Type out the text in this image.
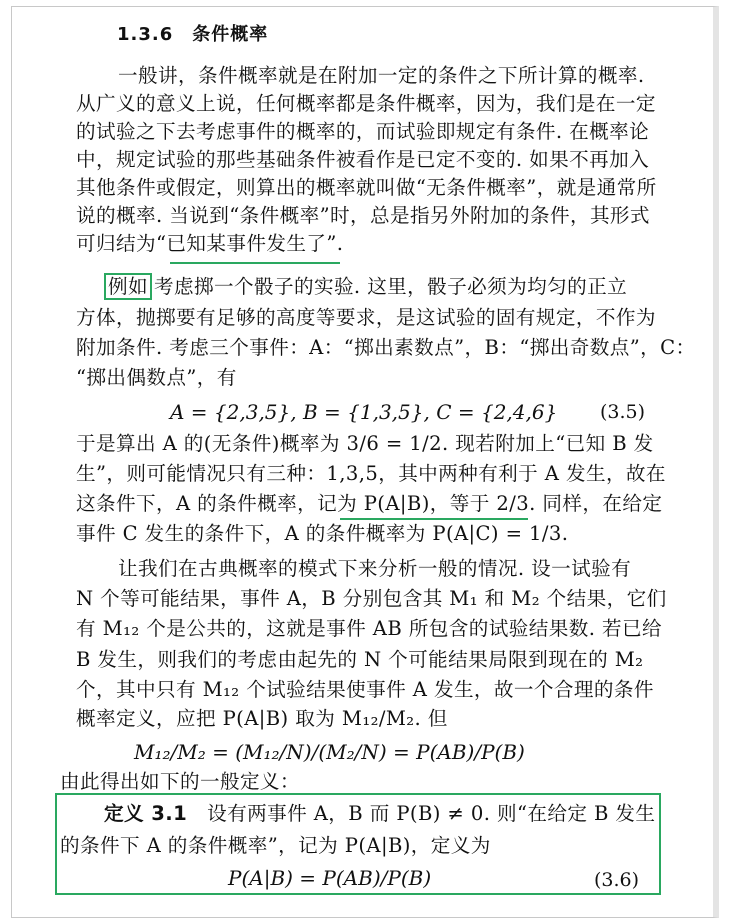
1.3.6　条件概率
一般讲，条件概率就是在附加一定的条件之下所计算的概率.
从广义的意义上说，任何概率都是条件概率，因为，我们是在一定
的试验之下去考虑事件的概率的，而试验即规定有条件. 在概率论
中，规定试验的那些基础条件被看作是已定不变的. 如果不再加入
其他条件或假定，则算出的概率就叫做“无条件概率”，就是通常所
说的概率. 当说到“条件概率”时，总是指另外附加的条件，其形式
可归结为“已知某事件发生了”.
例如 考虑掷一个骰子的实验. 这里，骰子必须为均匀的正立
方体，抛掷要有足够的高度等要求，是这试验的固有规定，不作为
附加条件. 考虑三个事件：A：“掷出素数点”，B：“掷出奇数点”，C：
“掷出偶数点”，有
A = {2,3,5}, B = {1,3,5}, C = {2,4,6} (3.5)
于是算出 A 的(无条件)概率为 3/6 = 1/2. 现若附加上“已知 B 发
生”，则可能情况只有三种：1,3,5，其中两种有利于 A 发生，故在
这条件下，A 的条件概率，记为 P(A|B)，等于 2/3. 同样，在给定
事件 C 发生的条件下，A 的条件概率为 P(A|C) = 1/3.
让我们在古典概率的模式下来分析一般的情况. 设一试验有
N 个等可能结果，事件 A，B 分别包含其 M₁ 和 M₂ 个结果，它们
有 M₁₂ 个是公共的，这就是事件 AB 所包含的试验结果数. 若已给
B 发生，则我们的考虑由起先的 N 个可能结果局限到现在的 M₂
个，其中只有 M₁₂ 个试验结果使事件 A 发生，故一个合理的条件
概率定义，应把 P(A|B) 取为 M₁₂/M₂. 但
M₁₂/M₂ = (M₁₂/N)/(M₂/N) = P(AB)/P(B)
由此得出如下的一般定义：
定义 3.1　 设有两事件 A，B 而 P(B) ≠ 0. 则“在给定 B 发生
的条件下 A 的条件概率”，记为 P(A|B)，定义为
P(A|B) = P(AB)/P(B)	(3.6)
